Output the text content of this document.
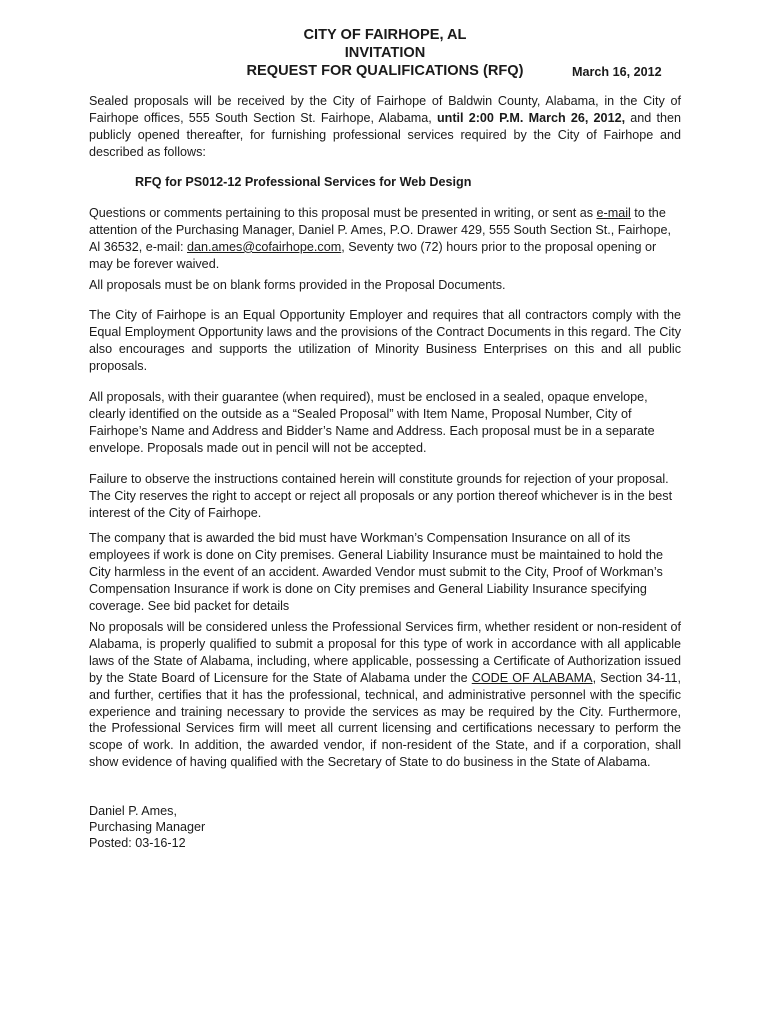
CITY OF FAIRHOPE, AL
INVITATION
REQUEST FOR QUALIFICATIONS (RFQ)	March 16, 2012

Sealed proposals will be received by the City of Fairhope of Baldwin County, Alabama, in the City of Fairhope offices, 555 South Section St. Fairhope, Alabama, until 2:00 P.M. March 26, 2012, and then publicly opened thereafter, for furnishing professional services required by the City of Fairhope and described as follows:

RFQ for PS012-12 Professional Services for Web Design

Questions or comments pertaining to this proposal must be presented in writing, or sent as e-mail to the attention of the Purchasing Manager, Daniel P. Ames, P.O. Drawer 429, 555 South Section St., Fairhope, Al 36532, e-mail: dan.ames@cofairhope.com, Seventy two (72) hours prior to the proposal opening or may be forever waived.

All proposals must be on blank forms provided in the Proposal Documents.

The City of Fairhope is an Equal Opportunity Employer and requires that all contractors comply with the Equal Employment Opportunity laws and the provisions of the Contract Documents in this regard. The City also encourages and supports the utilization of Minority Business Enterprises on this and all public proposals.

All proposals, with their guarantee (when required), must be enclosed in a sealed, opaque envelope, clearly identified on the outside as a “Sealed Proposal” with Item Name, Proposal Number, City of Fairhope’s Name and Address and Bidder’s Name and Address. Each proposal must be in a separate envelope. Proposals made out in pencil will not be accepted.

Failure to observe the instructions contained herein will constitute grounds for rejection of your proposal. The City reserves the right to accept or reject all proposals or any portion thereof whichever is in the best interest of the City of Fairhope.

The company that is awarded the bid must have Workman’s Compensation Insurance on all of its employees if work is done on City premises. General Liability Insurance must be maintained to hold the City harmless in the event of an accident. Awarded Vendor must submit to the City, Proof of Workman’s Compensation Insurance if work is done on City premises and General Liability Insurance specifying coverage. See bid packet for details

No proposals will be considered unless the Professional Services firm, whether resident or non-resident of Alabama, is properly qualified to submit a proposal for this type of work in accordance with all applicable laws of the State of Alabama, including, where applicable, possessing a Certificate of Authorization issued by the State Board of Licensure for the State of Alabama under the CODE OF ALABAMA, Section 34-11, and further, certifies that it has the professional, technical, and administrative personnel with the specific experience and training necessary to provide the services as may be required by the City. Furthermore, the Professional Services firm will meet all current licensing and certifications necessary to perform the scope of work. In addition, the awarded vendor, if non-resident of the State, and if a corporation, shall show evidence of having qualified with the Secretary of State to do business in the State of Alabama.

Daniel P. Ames,
Purchasing Manager
Posted: 03-16-12
